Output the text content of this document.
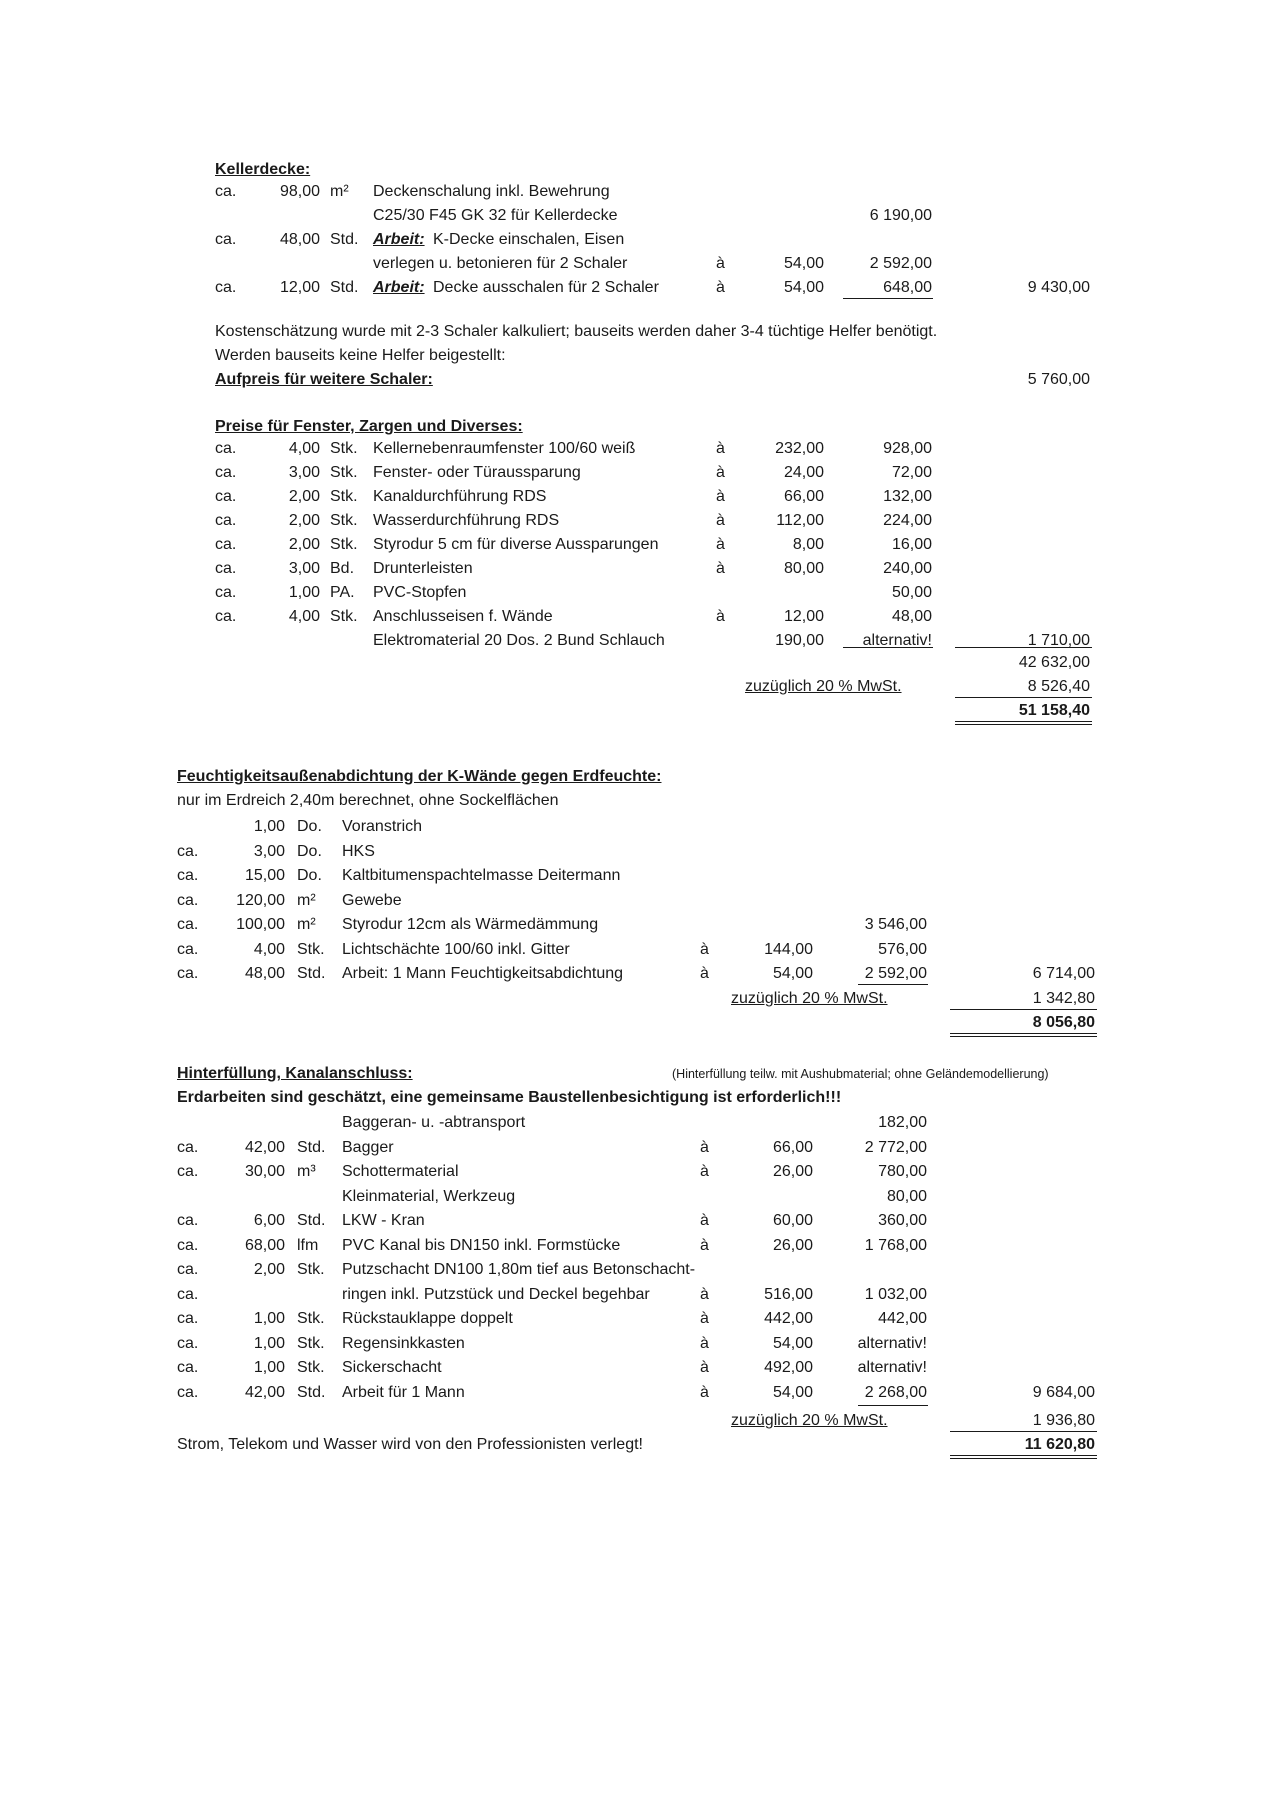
Kellerdecke:
ca.	98,00 m² Deckenschalung inkl. Bewehrung
C25/30 F45 GK 32 für Kellerdecke	6 190,00
ca.	48,00 Std. Arbeit: K-Decke einschalen, Eisen
verlegen u. betonieren für 2 Schaler	à	54,00	2 592,00
ca.	12,00 Std. Arbeit: Decke ausschalen für 2 Schaler	à	54,00	648,00	9 430,00
Kostenschätzung wurde mit 2-3 Schaler kalkuliert; bauseits werden daher 3-4 tüchtige Helfer benötigt.
Werden bauseits keine Helfer beigestellt:
Aufpreis für weitere Schaler:	5 760,00
Preise für Fenster, Zargen und Diverses:
ca.	4,00 Stk. Kellernebenraumfenster 100/60 weiß	à	232,00	928,00
ca.	3,00 Stk. Fenster- oder Türaussparung	à	24,00	72,00
ca.	2,00 Stk. Kanaldurchführung RDS	à	66,00	132,00
ca.	2,00 Stk. Wasserdurchführung RDS	à	112,00	224,00
ca.	2,00 Stk. Styrodur 5 cm für diverse Aussparungen	à	8,00	16,00
ca.	3,00 Bd. Drunterleisten	à	80,00	240,00
ca.	1,00 PA. PVC-Stopfen	50,00
ca.	4,00 Stk. Anschlusseisen f. Wände	à	12,00	48,00
Elektromaterial 20 Dos. 2 Bund Schlauch	190,00	alternativ!	1 710,00
42 632,00
zuzüglich 20 % MwSt.	8 526,40
51 158,40
Feuchtigkeitsaußenabdichtung der K-Wände gegen Erdfeuchte:
nur im Erdreich 2,40m berechnet, ohne Sockelflächen
1,00 Do. Voranstrich
ca.	3,00 Do. HKS
ca.	15,00 Do. Kaltbitumenspachtelmasse Deitermann
ca.	120,00 m² Gewebe
ca.	100,00 m² Styrodur 12cm als Wärmedämmung	3 546,00
ca.	4,00 Stk. Lichtschächte 100/60 inkl. Gitter	à	144,00	576,00
ca.	48,00 Std. Arbeit: 1 Mann Feuchtigkeitsabdichtung	à	54,00	2 592,00	6 714,00
zuzüglich 20 % MwSt.	1 342,80
8 056,80
Hinterfüllung, Kanalanschluss:	(Hinterfüllung teilw. mit Aushubmaterial; ohne Geländemodellierung)
Erdarbeiten sind geschätzt, eine gemeinsame Baustellenbesichtigung ist erforderlich!!!
Baggeran- u. -abtransport	182,00
ca.	42,00 Std. Bagger	à	66,00	2 772,00
ca.	30,00 m³ Schottermaterial	à	26,00	780,00
Kleinmaterial, Werkzeug	80,00
ca.	6,00 Std. LKW - Kran	à	60,00	360,00
ca.	68,00 lfm PVC Kanal bis DN150 inkl. Formstücke	à	26,00	1 768,00
ca.	2,00 Stk. Putzschacht DN100 1,80m tief aus Betonschacht-
ca.	ringen inkl. Putzstück und Deckel begehbar	à	516,00	1 032,00
ca.	1,00 Stk. Rückstauklappe doppelt	à	442,00	442,00
ca.	1,00 Stk. Regensinkkasten	à	54,00	alternativ!
ca.	1,00 Stk. Sickerschacht	à	492,00	alternativ!
ca.	42,00 Std. Arbeit für 1 Mann	à	54,00	2 268,00	9 684,00
zuzüglich 20 % MwSt.	1 936,80
Strom, Telekom und Wasser wird von den Professionisten verlegt!	11 620,80
